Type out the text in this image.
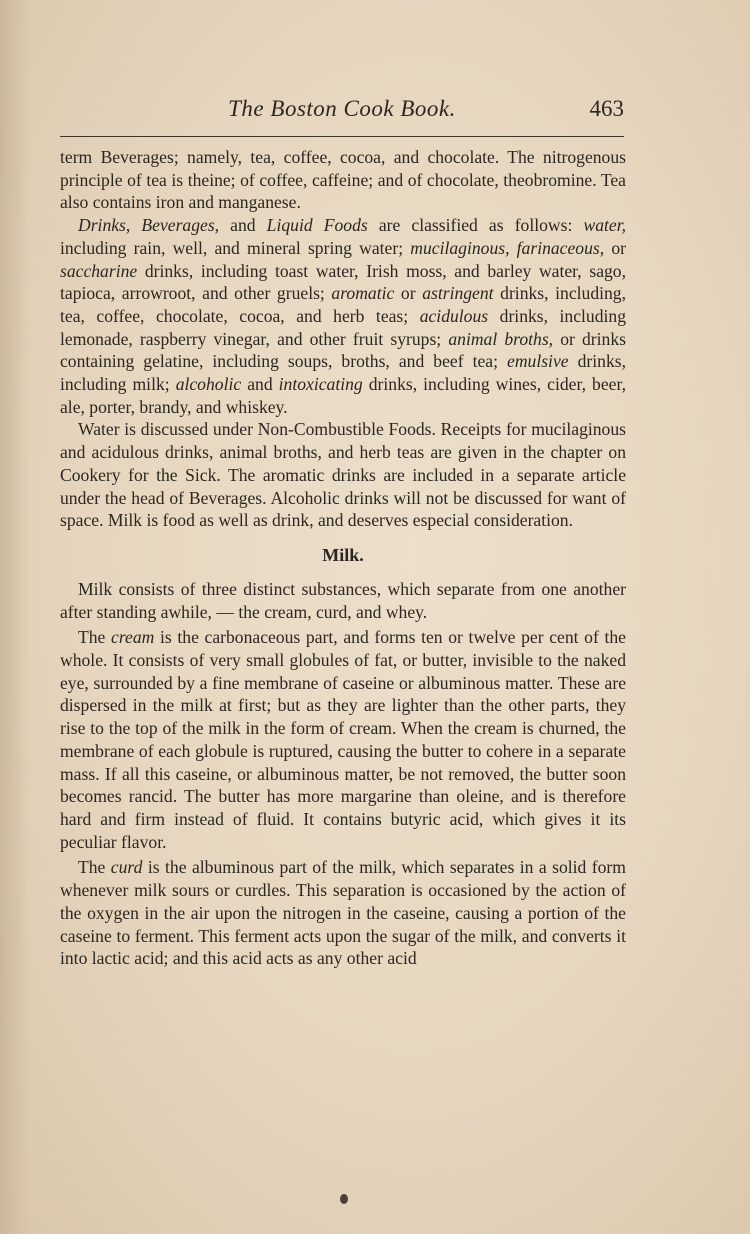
The Boston Cook Book.	463

term Beverages; namely, tea, coffee, cocoa, and chocolate. The nitrogenous principle of tea is theine; of coffee, caffeine; and of chocolate, theobromine. Tea also contains iron and manganese.

Drinks, Beverages, and Liquid Foods are classified as follows: water, including rain, well, and mineral spring water; mucilaginous, farinaceous, or saccharine drinks, including toast water, Irish moss, and barley water, sago, tapioca, arrowroot, and other gruels; aromatic or astringent drinks, including, tea, coffee, chocolate, cocoa, and herb teas; acidulous drinks, including lemonade, raspberry vinegar, and other fruit syrups; animal broths, or drinks containing gelatine, including soups, broths, and beef tea; emulsive drinks, including milk; alcoholic and intoxicating drinks, including wines, cider, beer, ale, porter, brandy, and whiskey.

Water is discussed under Non-Combustible Foods. Receipts for mucilaginous and acidulous drinks, animal broths, and herb teas are given in the chapter on Cookery for the Sick. The aromatic drinks are included in a separate article under the head of Beverages. Alcoholic drinks will not be discussed for want of space. Milk is food as well as drink, and deserves especial consideration.

Milk.

Milk consists of three distinct substances, which separate from one another after standing awhile, — the cream, curd, and whey.

The cream is the carbonaceous part, and forms ten or twelve per cent of the whole. It consists of very small globules of fat, or butter, invisible to the naked eye, surrounded by a fine membrane of caseine or albuminous matter. These are dispersed in the milk at first; but as they are lighter than the other parts, they rise to the top of the milk in the form of cream. When the cream is churned, the membrane of each globule is ruptured, causing the butter to cohere in a separate mass. If all this caseine, or albuminous matter, be not removed, the butter soon becomes rancid. The butter has more margarine than oleine, and is therefore hard and firm instead of fluid. It contains butyric acid, which gives it its peculiar flavor.

The curd is the albuminous part of the milk, which separates in a solid form whenever milk sours or curdles. This separation is occasioned by the action of the oxygen in the air upon the nitrogen in the caseine, causing a portion of the caseine to ferment. This ferment acts upon the sugar of the milk, and converts it into lactic acid; and this acid acts as any other acid
